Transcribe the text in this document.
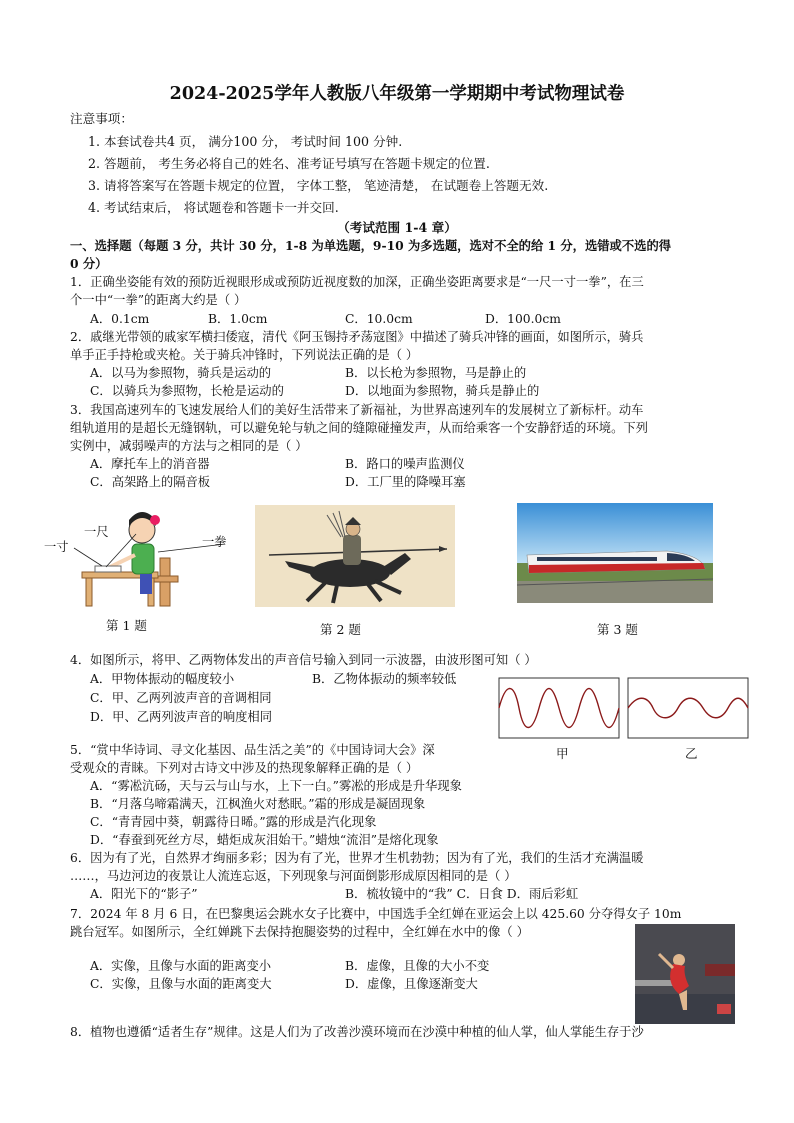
2024-2025学年人教版八年级第一学期期中考试物理试卷
注意事项：
1. 本套试卷共4 页， 满分100 分， 考试时间 100 分钟.
2. 答题前， 考生务必将自己的姓名、准考证号填写在答题卡规定的位置.
3. 请将答案写在答题卡规定的位置， 字体工整， 笔迹清楚， 在试题卷上答题无效.
4. 考试结束后， 将试题卷和答题卡一并交回.
（考试范围 1-4 章）
一、选择题（每题 3 分，共计 30 分，1-8 为单选题，9-10 为多选题，选对不全的给 1 分，选错或不选的得
0 分）
1．正确坐姿能有效的预防近视眼形成或预防近视度数的加深，正确坐姿距离要求是“一尺一寸一拳”，在三
个一中“一拳”的距离大约是（ ）
A．0.1cm	B．1.0cm	C．10.0cm	D．100.0cm
2．戚继光带领的戚家军横扫倭寇，清代《阿玉锡持矛荡寇图》中描述了骑兵冲锋的画面，如图所示，骑兵
单手正手持枪或夹枪。关于骑兵冲锋时，下列说法正确的是（ ）
A．以马为参照物，骑兵是运动的	B．以长枪为参照物，马是静止的
C．以骑兵为参照物，长枪是运动的	D．以地面为参照物，骑兵是静止的
3．我国高速列车的飞速发展给人们的美好生活带来了新福祉，为世界高速列车的发展树立了新标杆。动车
组轨道用的是超长无缝钢轨，可以避免轮与轨之间的缝隙碰撞发声，从而给乘客一个安静舒适的环境。下列
实例中，减弱噪声的方法与之相同的是（ ）
A．摩托车上的消音器	B．路口的噪声监测仪
C．高架路上的隔音板	D．工厂里的降噪耳塞
一尺
一寸	一拳
第 1 题	第 2 题	第 3 题
4．如图所示，将甲、乙两物体发出的声音信号输入到同一示波器，由波形图可知（ ）
A．甲物体振动的幅度较小	B．乙物体振动的频率较低
C．甲、乙两列波声音的音调相同
D．甲、乙两列波声音的响度相同
甲	乙
5．“赏中华诗词、寻文化基因、品生活之美”的《中国诗词大会》深
受观众的青睐。下列对古诗文中涉及的热现象解释正确的是（ ）
A．“雾凇沆砀，天与云与山与水，上下一白。”雾凇的形成是升华现象
B．“月落乌啼霜满天，江枫渔火对愁眠。”霜的形成是凝固现象
C．“青青园中葵，朝露待日晞。”露的形成是汽化现象
D．“春蚕到死丝方尽，蜡炬成灰泪始干。”蜡烛“流泪”是熔化现象
6．因为有了光，自然界才绚丽多彩；因为有了光，世界才生机勃勃；因为有了光，我们的生活才充满温暖
……，马边河边的夜景让人流连忘返，下列现象与河面倒影形成原因相同的是（ ）
A．阳光下的“影子”	B．梳妆镜中的“我” C．日食 D．雨后彩虹
7．2024 年 8 月 6 日，在巴黎奥运会跳水女子比赛中，中国选手全红婵在亚运会上以 425.60 分夺得女子 10m
跳台冠军。如图所示，全红婵跳下去保持抱腿姿势的过程中，全红婵在水中的像（ ）
A．实像，且像与水面的距离变小	B．虚像，且像的大小不变
C．实像，且像与水面的距离变大	D．虚像，且像逐渐变大
8．植物也遵循“适者生存”规律。这是人们为了改善沙漠环境而在沙漠中种植的仙人掌，仙人掌能生存于沙
